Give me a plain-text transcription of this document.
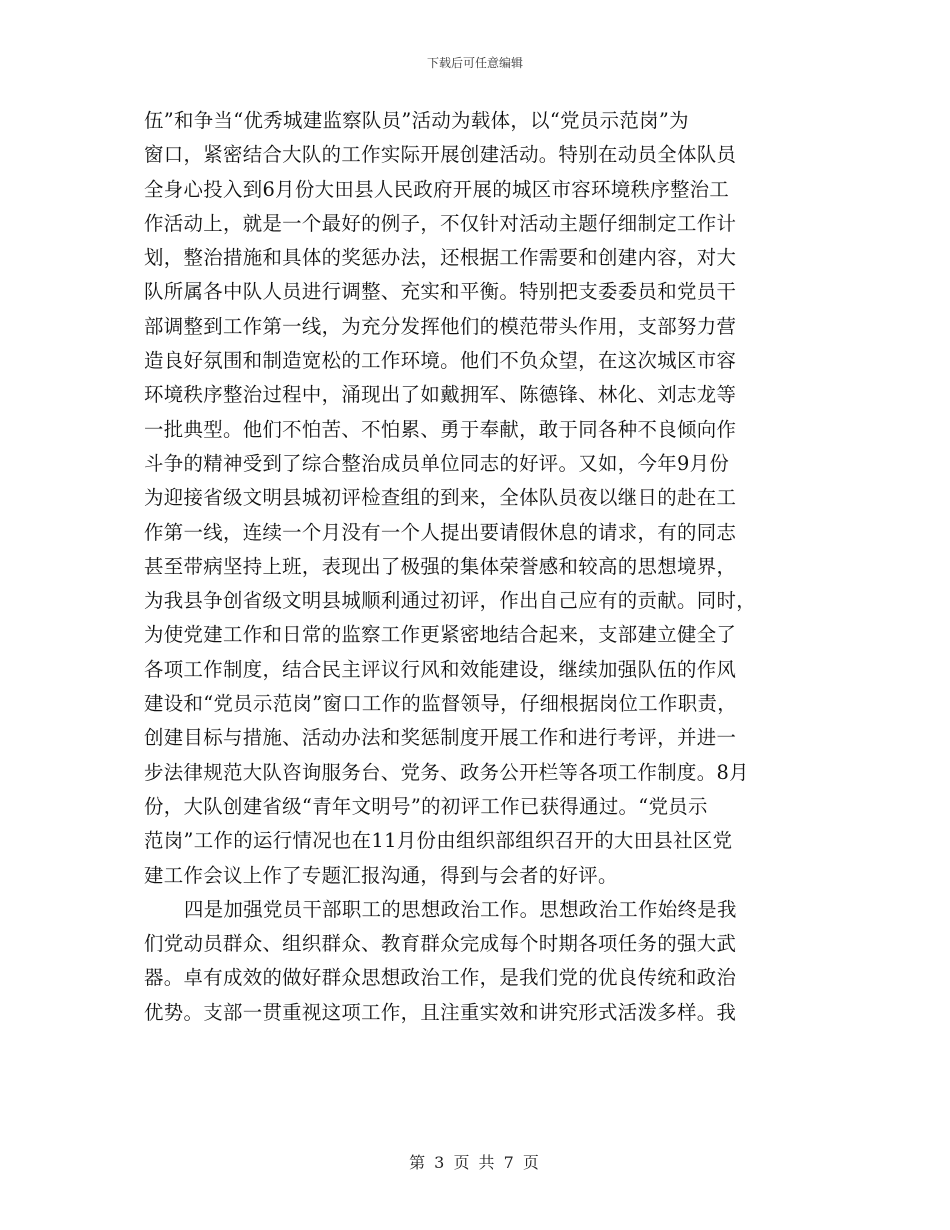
下载后可任意编辑
伍”和争当“优秀城建监察队员”活动为载体，以“党员示范岗”为
窗口，紧密结合大队的工作实际开展创建活动。特别在动员全体队员
全身心投入到6月份大田县人民政府开展的城区市容环境秩序整治工
作活动上，就是一个最好的例子，不仅针对活动主题仔细制定工作计
划，整治措施和具体的奖惩办法，还根据工作需要和创建内容，对大
队所属各中队人员进行调整、充实和平衡。特别把支委委员和党员干
部调整到工作第一线，为充分发挥他们的模范带头作用，支部努力营
造良好氛围和制造宽松的工作环境。他们不负众望，在这次城区市容
环境秩序整治过程中，涌现出了如戴拥军、陈德锋、林化、刘志龙等
一批典型。他们不怕苦、不怕累、勇于奉献，敢于同各种不良倾向作
斗争的精神受到了综合整治成员单位同志的好评。又如，今年9月份
为迎接省级文明县城初评检查组的到来，全体队员夜以继日的赴在工
作第一线，连续一个月没有一个人提出要请假休息的请求，有的同志
甚至带病坚持上班，表现出了极强的集体荣誉感和较高的思想境界，
为我县争创省级文明县城顺利通过初评，作出自己应有的贡献。同时，
为使党建工作和日常的监察工作更紧密地结合起来，支部建立健全了
各项工作制度，结合民主评议行风和效能建设，继续加强队伍的作风
建设和“党员示范岗”窗口工作的监督领导，仔细根据岗位工作职责，
创建目标与措施、活动办法和奖惩制度开展工作和进行考评，并进一
步法律规范大队咨询服务台、党务、政务公开栏等各项工作制度。8月
份，大队创建省级“青年文明号”的初评工作已获得通过。“党员示
范岗”工作的运行情况也在11月份由组织部组织召开的大田县社区党
建工作会议上作了专题汇报沟通，得到与会者的好评。
四是加强党员干部职工的思想政治工作。思想政治工作始终是我
们党动员群众、组织群众、教育群众完成每个时期各项任务的强大武
器。卓有成效的做好群众思想政治工作，是我们党的优良传统和政治
优势。支部一贯重视这项工作，且注重实效和讲究形式活泼多样。我
第 3 页 共 7 页
